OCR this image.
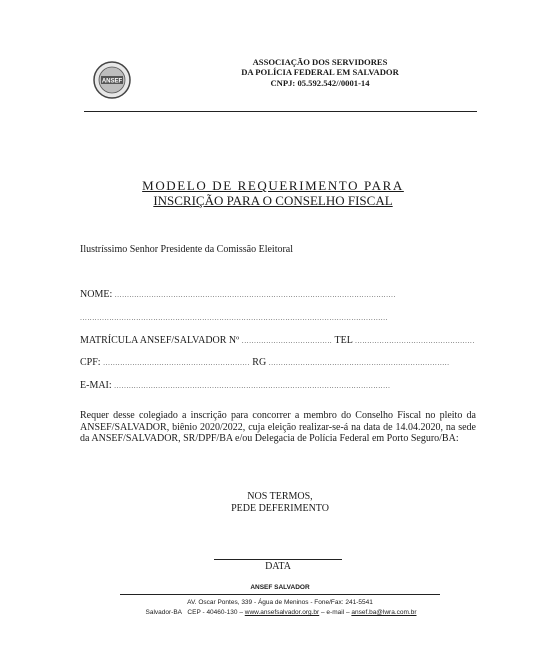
ANSEF
ASSOCIAÇÃO DOS SERVIDORES
DA POLÍCIA FEDERAL EM SALVADOR
CNPJ: 05.592.542//0001-14
MODELO DE REQUERIMENTO PARA
INSCRIÇÃO PARA O CONSELHO FISCAL
Ilustríssimo Senhor Presidente da Comissão Eleitoral
NOME: ...................................................................................................................
..............................................................................................................................
MATRÍCULA ANSEF/SALVADOR Nº ..................................... TEL .................................................
CPF: ............................................................ RG ..........................................................................
E-MAI: .................................................................................................................
Requer desse colegiado a inscrição para concorrer a membro do Conselho Fiscal no pleito da ANSEF/SALVADOR, biênio 2020/2022, cuja eleição realizar-se-á na data de 14.04.2020, na sede da ANSEF/SALVADOR, SR/DPF/BA e/ou Delegacia de Polícia Federal em Porto Seguro/BA:
NOS TERMOS,
PEDE DEFERIMENTO
DATA
ANSEF SALVADOR
AV. Oscar Pontes, 339 - Água de Meninos - Fone/Fax: 241-5541
Salvador-BA CEP - 40460-130 – www.ansefsalvador.org.br – e-mail – ansef.ba@lwra.com.br
